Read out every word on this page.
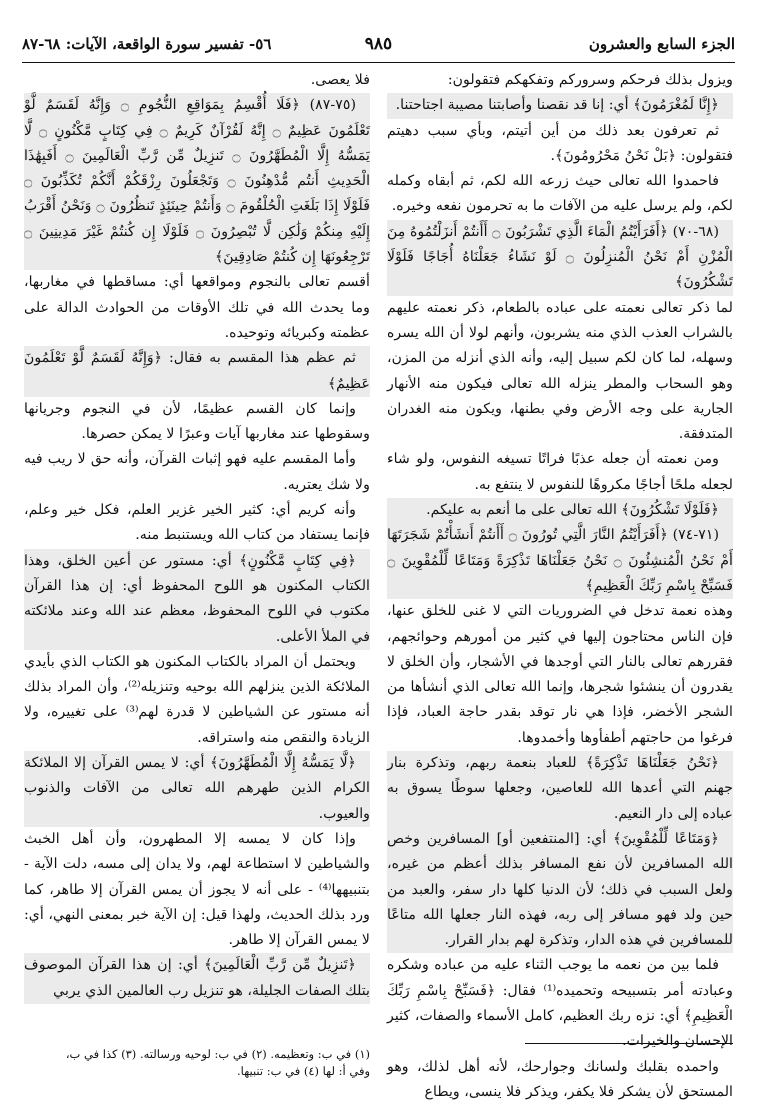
الجزء السابع والعشرون
٩٨٥
٥٦- تفسير سورة الواقعة، الآيات: ٦٨-٨٧

ويزول بذلك فرحكم وسروركم وتفكهكم فتقولون:

﴿إِنَّا لَمُغْرَمُونَ﴾ أي: إنا قد نقصنا وأصابتنا مصيبة اجتاحتنا.

ثم تعرفون بعد ذلك من أين أتيتم، وبأي سبب دهيتم فتقولون: ﴿بَلْ نَحْنُ مَحْرُومُونَ﴾.

فاحمدوا الله تعالى حيث زرعه الله لكم، ثم أبقاه وكمله لكم، ولم يرسل عليه من الآفات ما به تحرمون نفعه وخيره.

(٦٨-٧٠) ﴿أَفَرَأَيْتُمُ الْمَاءَ الَّذِي تَشْرَبُونَ ۝ أَأَنتُمْ أَنزَلْتُمُوهُ مِنَ الْمُزْنِ أَمْ نَحْنُ الْمُنزِلُونَ ۝ لَوْ نَشَاءُ جَعَلْنَاهُ أُجَاجًا فَلَوْلَا تَشْكُرُونَ﴾

لما ذكر تعالى نعمته على عباده بالطعام، ذكر نعمته عليهم بالشراب العذب الذي منه يشربون، وأنهم لولا أن الله يسره وسهله، لما كان لكم سبيل إليه، وأنه الذي أنزله من المزن، وهو السحاب والمطر ينزله الله تعالى فيكون منه الأنهار الجارية على وجه الأرض وفي بطنها، ويكون منه الغدران المتدفقة.

ومن نعمته أن جعله عذبًا فراتًا تسيغه النفوس، ولو شاء لجعله ملحًا أجاجًا مكروهًا للنفوس لا ينتفع به.

﴿فَلَوْلَا تَشْكُرُونَ﴾ الله تعالى على ما أنعم به عليكم.

(٧١-٧٤) ﴿أَفَرَأَيْتُمُ النَّارَ الَّتِي تُورُونَ ۝ أَأَنتُمْ أَنشَأْتُمْ شَجَرَتَهَا أَمْ نَحْنُ الْمُنشِئُونَ ۝ نَحْنُ جَعَلْنَاهَا تَذْكِرَةً وَمَتَاعًا لِّلْمُقْوِينَ ۝ فَسَبِّحْ بِاسْمِ رَبِّكَ الْعَظِيمِ﴾

وهذه نعمة تدخل في الضروريات التي لا غنى للخلق عنها، فإن الناس محتاجون إليها في كثير من أمورهم وحوائجهم، فقررهم تعالى بالنار التي أوجدها في الأشجار، وأن الخلق لا يقدرون أن ينشئوا شجرها، وإنما الله تعالى الذي أنشأها من الشجر الأخضر، فإذا هي نار توقد بقدر حاجة العباد، فإذا فرغوا من حاجتهم أطفأوها وأخمدوها.

﴿نَحْنُ جَعَلْنَاهَا تَذْكِرَةً﴾ للعباد بنعمة ربهم، وتذكرة بنار جهنم التي أعدها الله للعاصين، وجعلها سوطًا يسوق به عباده إلى دار النعيم.

﴿وَمَتَاعًا لِّلْمُقْوِينَ﴾ أي: [المنتفعين أو] المسافرين وخص الله المسافرين لأن نفع المسافر بذلك أعظم من غيره، ولعل السبب في ذلك؛ لأن الدنيا كلها دار سفر، والعبد من حين ولد فهو مسافر إلى ربه، فهذه النار جعلها الله متاعًا للمسافرين في هذه الدار، وتذكرة لهم بدار القرار.

فلما بين من نعمه ما يوجب الثناء عليه من عباده وشكره وعبادته أمر بتسبيحه وتحميده⁽¹⁾ فقال: ﴿فَسَبِّحْ بِاسْمِ رَبِّكَ الْعَظِيمِ﴾ أي: نزه ربك العظيم، كامل الأسماء والصفات، كثير الإحسان والخيرات.

واحمده بقلبك ولسانك وجوارحك، لأنه أهل لذلك، وهو المستحق لأن يشكر فلا يكفر، ويذكر فلا ينسى، ويطاع

فلا يعصى.

(٧٥-٨٧) ﴿فَلَا أُقْسِمُ بِمَوَاقِعِ النُّجُومِ ۝ وَإِنَّهُ لَقَسَمٌ لَّوْ تَعْلَمُونَ عَظِيمٌ ۝ إِنَّهُ لَقُرْآنٌ كَرِيمٌ ۝ فِي كِتَابٍ مَّكْنُونٍ ۝ لَّا يَمَسُّهُ إِلَّا الْمُطَهَّرُونَ ۝ تَنزِيلٌ مِّن رَّبِّ الْعَالَمِينَ ۝ أَفَبِهَٰذَا الْحَدِيثِ أَنتُم مُّدْهِنُونَ ۝ وَتَجْعَلُونَ رِزْقَكُمْ أَنَّكُمْ تُكَذِّبُونَ ۝ فَلَوْلَا إِذَا بَلَغَتِ الْحُلْقُومَ ۝ وَأَنتُمْ حِينَئِذٍ تَنظُرُونَ ۝ وَنَحْنُ أَقْرَبُ إِلَيْهِ مِنكُمْ وَلَٰكِن لَّا تُبْصِرُونَ ۝ فَلَوْلَا إِن كُنتُمْ غَيْرَ مَدِينِينَ ۝ تَرْجِعُونَهَا إِن كُنتُمْ صَادِقِينَ﴾

أقسم تعالى بالنجوم ومواقعها أي: مساقطها في مغاربها، وما يحدث الله في تلك الأوقات من الحوادث الدالة على عظمته وكبريائه وتوحيده.

ثم عظم هذا المقسم به فقال: ﴿وَإِنَّهُ لَقَسَمٌ لَّوْ تَعْلَمُونَ عَظِيمٌ﴾

وإنما كان القسم عظيمًا، لأن في النجوم وجريانها وسقوطها عند مغاربها آيات وعبرًا لا يمكن حصرها.

وأما المقسم عليه فهو إثبات القرآن، وأنه حق لا ريب فيه ولا شك يعتريه.

وأنه كريم أي: كثير الخير غزير العلم، فكل خير وعلم، فإنما يستفاد من كتاب الله ويستنبط منه.

﴿فِي كِتَابٍ مَّكْنُونٍ﴾ أي: مستور عن أعين الخلق، وهذا الكتاب المكنون هو اللوح المحفوظ أي: إن هذا القرآن مكتوب في اللوح المحفوظ، معظم عند الله وعند ملائكته في الملأ الأعلى.

ويحتمل أن المراد بالكتاب المكنون هو الكتاب الذي بأيدي الملائكة الذين ينزلهم الله بوحيه وتنزيله⁽²⁾، وأن المراد بذلك أنه مستور عن الشياطين لا قدرة لهم⁽³⁾ على تغييره، ولا الزيادة والنقص منه واستراقه.

﴿لَّا يَمَسُّهُ إِلَّا الْمُطَهَّرُونَ﴾ أي: لا يمس القرآن إلا الملائكة الكرام الذين طهرهم الله تعالى من الآفات والذنوب والعيوب.

وإذا كان لا يمسه إلا المطهرون، وأن أهل الخبث والشياطين لا استطاعة لهم، ولا يدان إلى مسه، دلت الآية - بتنبيهها⁽⁴⁾ - على أنه لا يجوز أن يمس القرآن إلا طاهر، كما ورد بذلك الحديث، ولهذا قيل: إن الآية خبر بمعنى النهي، أي: لا يمس القرآن إلا طاهر.

﴿تَنزِيلٌ مِّن رَّبِّ الْعَالَمِينَ﴾ أي: إن هذا القرآن الموصوف بتلك الصفات الجليلة، هو تنزيل رب العالمين الذي يربي

(١) في ب: وتعظيمه. (٢) في ب: لوحيه ورسالته. (٣) كذا في ب،
وفي أ: لها (٤) في ب: تنبيها.
